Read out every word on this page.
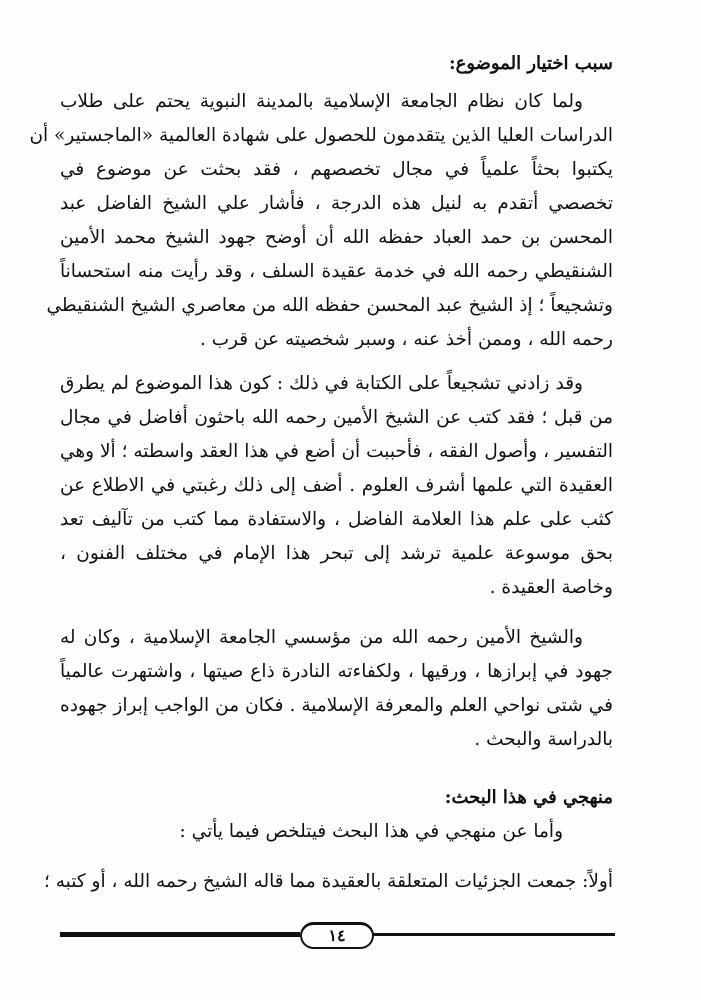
سبب اختيار الموضوع:
ولما كان نظام الجامعة الإسلامية بالمدينة النبوية يحتم على طلاب
الدراسات العليا الذين يتقدمون للحصول على شهادة العالمية «الماجستير» أن
يكتبوا بحثاً علمياً في مجال تخصصهم ، فقد بحثت عن موضوع في
تخصصي أتقدم به لنيل هذه الدرجة ، فأشار علي الشيخ الفاضل عبد
المحسن بن حمد العباد حفظه الله أن أوضح جهود الشيخ محمد الأمين
الشنقيطي رحمه الله في خدمة عقيدة السلف ، وقد رأيت منه استحساناً
وتشجيعاً ؛ إذ الشيخ عبد المحسن حفظه الله من معاصري الشيخ الشنقيطي
رحمه الله ، وممن أخذ عنه ، وسبر شخصيته عن قرب .
وقد زادني تشجيعاً على الكتابة في ذلك : كون هذا الموضوع لم يطرق
من قبل ؛ فقد كتب عن الشيخ الأمين رحمه الله باحثون أفاضل في مجال
التفسير ، وأصول الفقه ، فأحببت أن أضع في هذا العقد واسطته ؛ ألا وهي
العقيدة التي علمها أشرف العلوم . أضف إلى ذلك رغبتي في الاطلاع عن
كثب على علم هذا العلامة الفاضل ، والاستفادة مما كتب من تآليف تعد
بحق موسوعة علمية ترشد إلى تبحر هذا الإمام في مختلف الفنون ،
وخاصة العقيدة .
والشيخ الأمين رحمه الله من مؤسسي الجامعة الإسلامية ، وكان له
جهود في إبرازها ، ورقيها ، ولكفاءته النادرة ذاع صيتها ، واشتهرت عالمياً
في شتى نواحي العلم والمعرفة الإسلامية . فكان من الواجب إبراز جهوده
بالدراسة والبحث .
منهجي في هذا البحث:
وأما عن منهجي في هذا البحث فيتلخص فيما يأتي :
أولاً: جمعت الجزئيات المتعلقة بالعقيدة مما قاله الشيخ رحمه الله ، أو كتبه ؛
١٤
